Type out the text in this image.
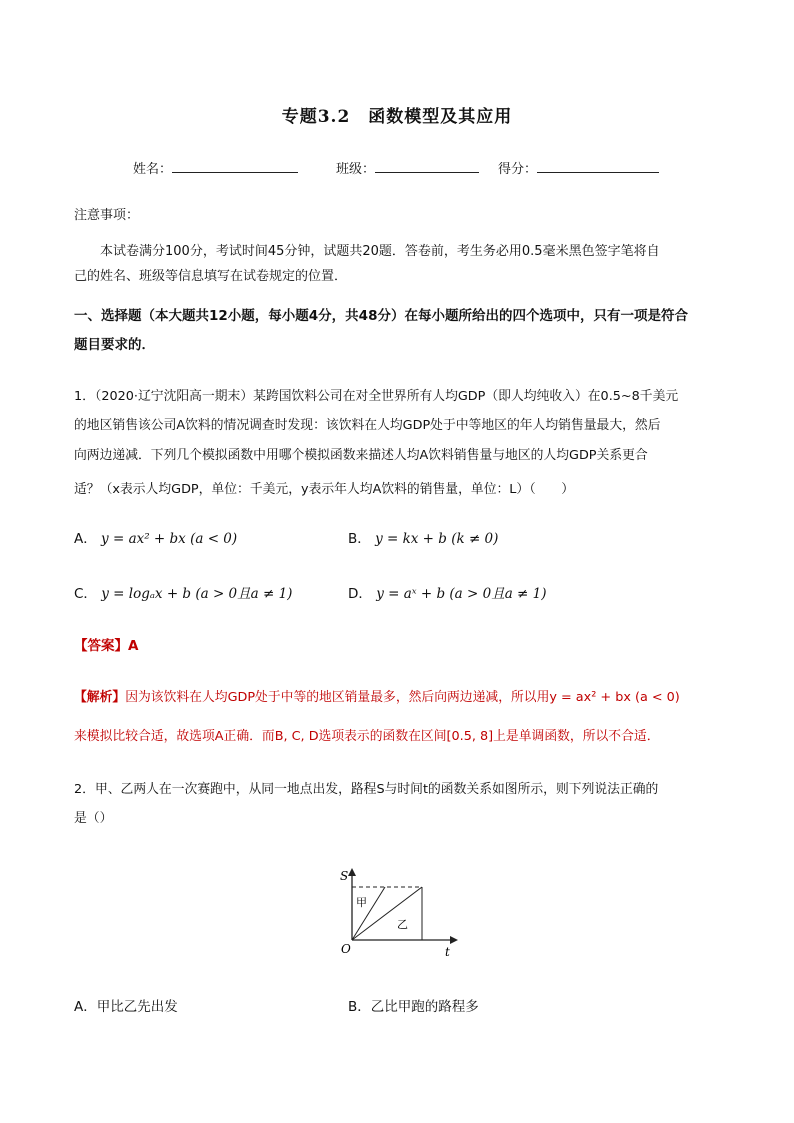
专题3.2 函数模型及其应用
姓名：	班级：	得分：
注意事项：
本试卷满分100分，考试时间45分钟，试题共20题．答卷前，考生务必用0.5毫米黑色签字笔将自
己的姓名、班级等信息填写在试卷规定的位置．
一、选择题（本大题共12小题，每小题4分，共48分）在每小题所给出的四个选项中，只有一项是符合
题目要求的．
1．（2020·辽宁沈阳高一期末）某跨国饮料公司在对全世界所有人均GDP（即人均纯收入）在0.5~8千美元
的地区销售该公司A饮料的情况调查时发现：该饮料在人均GDP处于中等地区的年人均销售量最大，然后
向两边递减．下列几个模拟函数中用哪个模拟函数来描述人均A饮料销售量与地区的人均GDP关系更合
适？（x表示人均GDP，单位：千美元，y表示年人均A饮料的销售量，单位：L）（　　）
A． y = ax² + bx (a < 0)	B． y = kx + b (k ≠ 0)
C． y = logₐx + b (a > 0且a ≠ 1)	D． y = aˣ + b (a > 0且a ≠ 1)
【答案】A
【解析】因为该饮料在人均GDP处于中等的地区销量最多，然后向两边递减，所以用y = ax² + bx (a < 0)
来模拟比较合适，故选项A正确．而B, C, D选项表示的函数在区间[0.5, 8]上是单调函数，所以不合适．
2．甲、乙两人在一次赛跑中，从同一地点出发，路程S与时间t的函数关系如图所示，则下列说法正确的
是（）
S
t
O
甲
乙
A．甲比乙先出发	B．乙比甲跑的路程多
